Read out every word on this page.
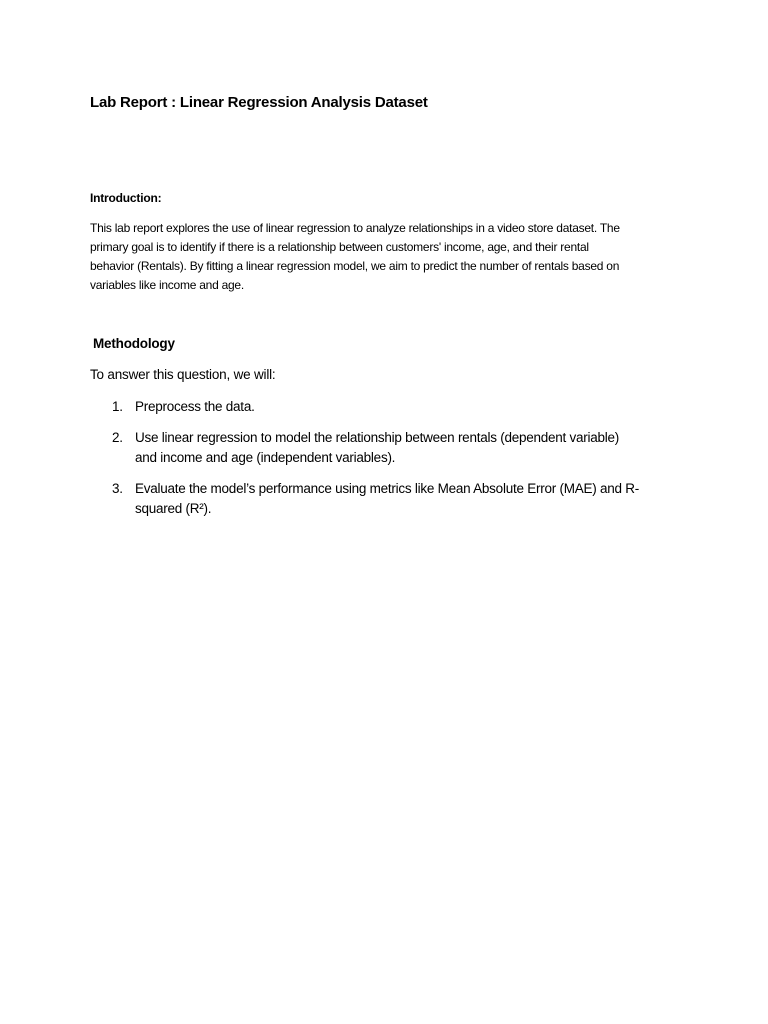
Lab Report : Linear Regression Analysis Dataset
Introduction:
This lab report explores the use of linear regression to analyze relationships in a video store dataset. The
primary goal is to identify if there is a relationship between customers' income, age, and their rental
behavior (Rentals). By fitting a linear regression model, we aim to predict the number of rentals based on
variables like income and age.
Methodology
To answer this question, we will:
1. Preprocess the data.
2. Use linear regression to model the relationship between rentals (dependent variable)
and income and age (independent variables).
3. Evaluate the model’s performance using metrics like Mean Absolute Error (MAE) and R-
squared (R²).
